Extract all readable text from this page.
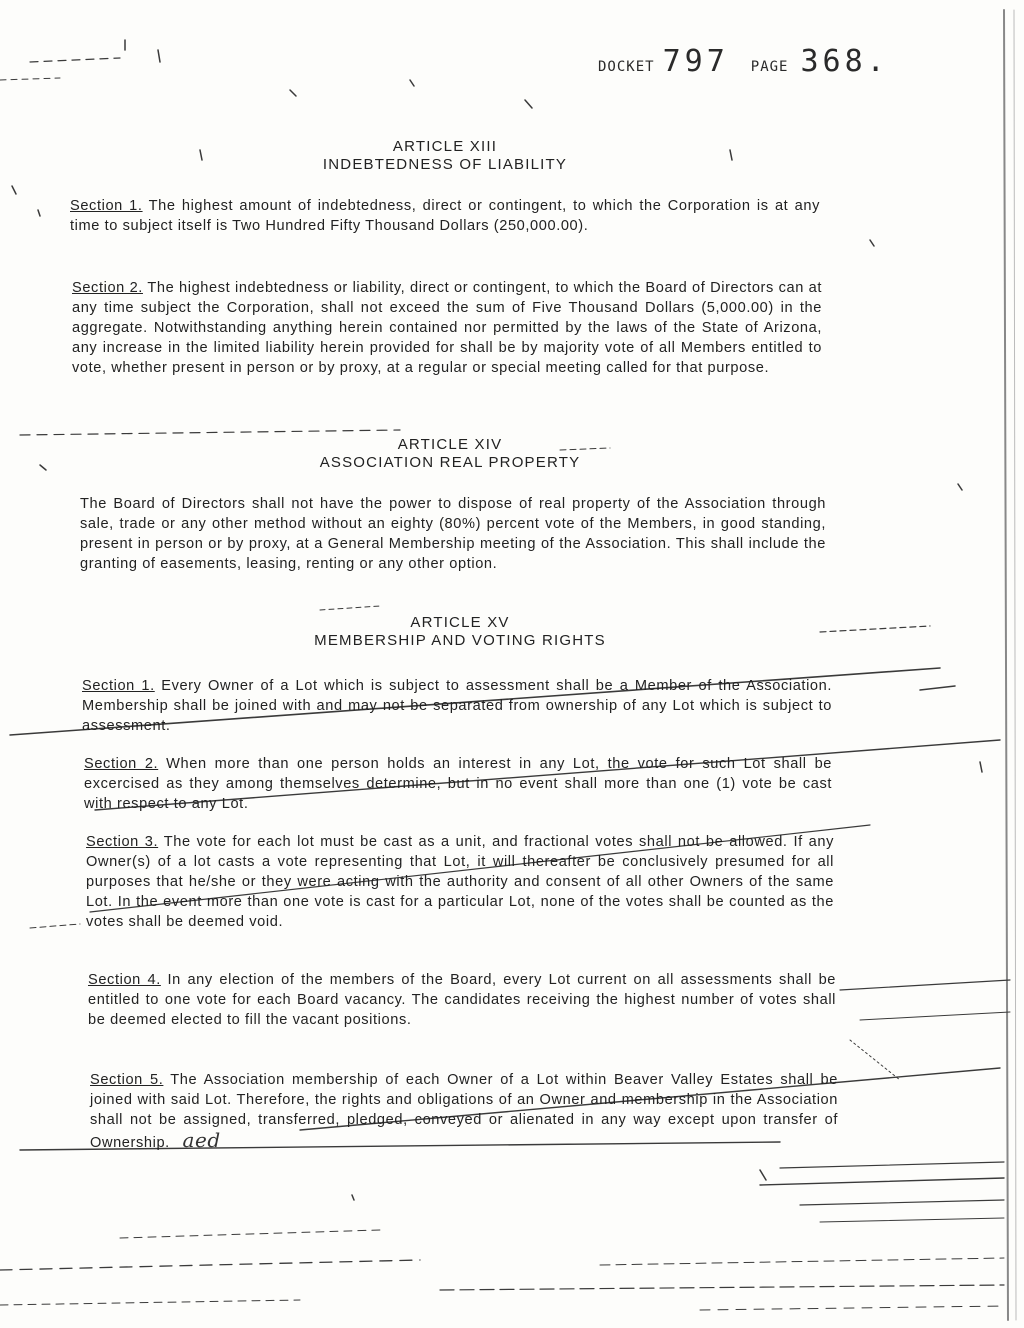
DOCKET 797 PAGE 368.
ARTICLE XIII
INDEBTEDNESS OF LIABILITY
Section 1. The highest amount of indebtedness, direct or contingent, to which the Corporation is at any time to subject itself is Two Hundred Fifty Thousand Dollars (250,000.00).
Section 2. The highest indebtedness or liability, direct or contingent, to which the Board of Directors can at any time subject the Corporation, shall not exceed the sum of Five Thousand Dollars (5,000.00) in the aggregate. Notwithstanding anything herein contained nor permitted by the laws of the State of Arizona, any increase in the limited liability herein provided for shall be by majority vote of all Members entitled to vote, whether present in person or by proxy, at a regular or special meeting called for that purpose.
ARTICLE XIV
ASSOCIATION REAL PROPERTY
The Board of Directors shall not have the power to dispose of real property of the Association through sale, trade or any other method without an eighty (80%) percent vote of the Members, in good standing, present in person or by proxy, at a General Membership meeting of the Association. This shall include the granting of easements, leasing, renting or any other option.
ARTICLE XV
MEMBERSHIP AND VOTING RIGHTS
Section 1. Every Owner of a Lot which is subject to assessment shall be a Member of the Association. Membership shall be joined with and may not be separated from ownership of any Lot which is subject to assessment.
Section 2. When more than one person holds an interest in any Lot, the vote for such Lot shall be excercised as they among themselves determine, but in no event shall more than one (1) vote be cast with respect to any Lot.
Section 3. The vote for each lot must be cast as a unit, and fractional votes shall not be allowed. If any Owner(s) of a lot casts a vote representing that Lot, it will thereafter be conclusively presumed for all purposes that he/she or they were acting with the authority and consent of all other Owners of the same Lot. In the event more than one vote is cast for a particular Lot, none of the votes shall be counted as the votes shall be deemed void.
Section 4. In any election of the members of the Board, every Lot current on all assessments shall be entitled to one vote for each Board vacancy. The candidates receiving the highest number of votes shall be deemed elected to fill the vacant positions.
Section 5. The Association membership of each Owner of a Lot within Beaver Valley Estates shall be joined with said Lot. Therefore, the rights and obligations of an Owner and membership in the Association shall not be assigned, transferred, pledged, conveyed or alienated in any way except upon transfer of Ownership. aed
